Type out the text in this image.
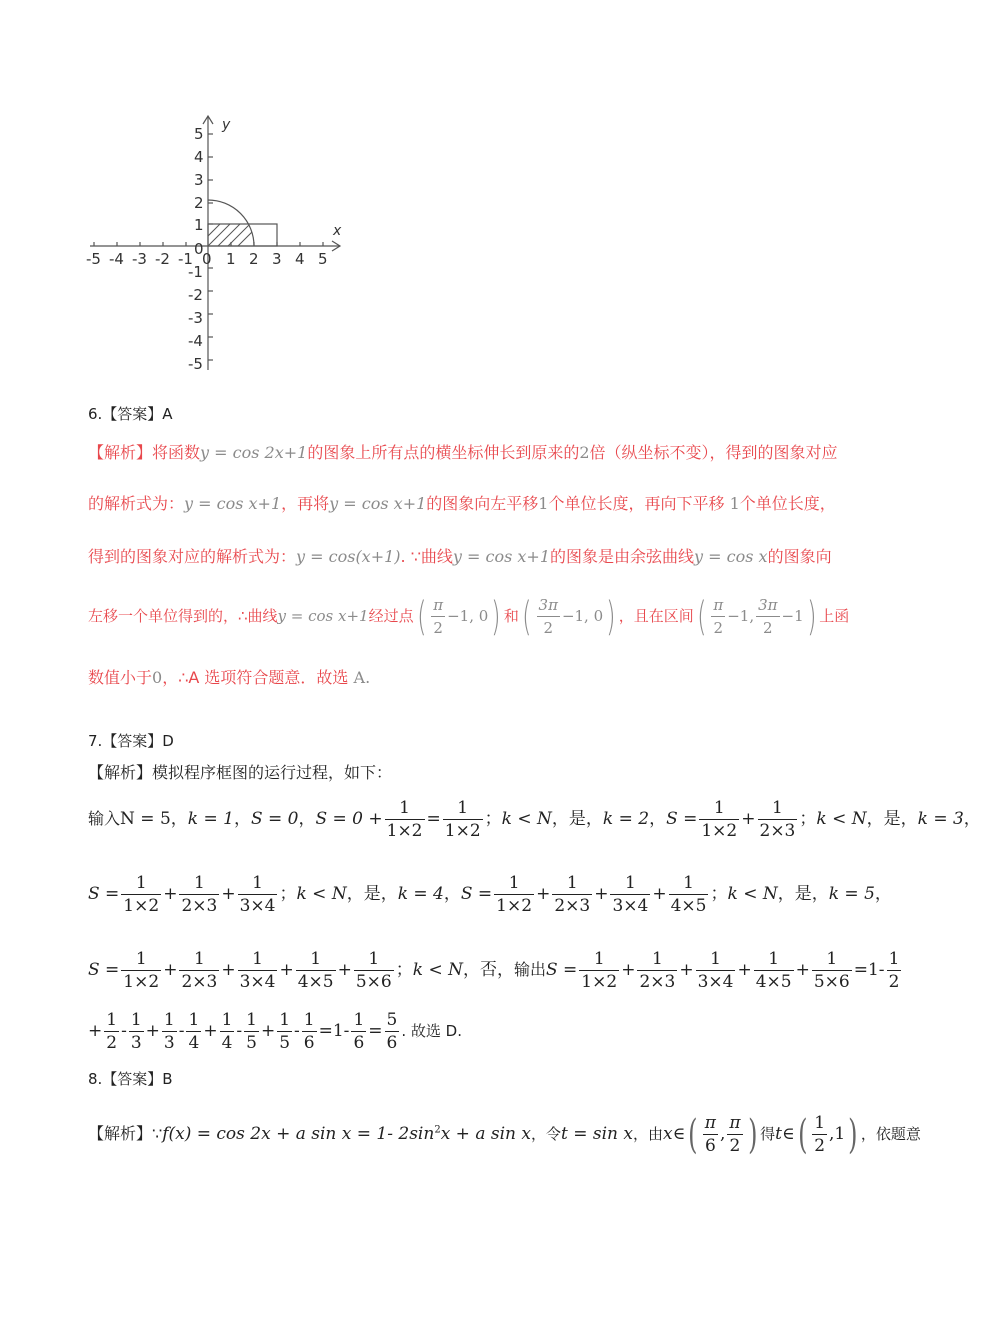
y
x
-5 -4 -3 -2 -1 0 1 2 3 4 5
5
4
3
2
1
0
-1
-2
-3
-4
-5
6.【答案】A
【解析】将函数y = cos 2x+1的图象上所有点的横坐标伸长到原来的2倍（纵坐标不变），得到的图象对应
的解析式为：y = cos x+1，再将y = cos x+1的图象向左平移1个单位长度，再向下平移 1个单位长度，
得到的图象对应的解析式为：y = cos(x+1). ∵曲线y = cos x+1的图象是由余弦曲线y = cos x的图象向
左移一个单位得到的，∴曲线y = cos x+1经过点( $\frac{\pi}{2} -1$, 0) 和( $\frac{3\pi}{2} -1$, 0) ，且在区间( $\frac{\pi}{2} -1$, $\frac{3\pi}{2} -1$) 上函
数值小于0，∴A 选项符合题意．故选 A.
7.【答案】D
【解析】模拟程序框图的运行过程，如下：
输入N = 5，k = 1，S = 0，$S = 0 + \frac{1}{1\times 2} = \frac{1}{1\times 2}$ ；k < N，是，k = 2，$S = \frac{1}{1\times 2} + \frac{1}{2\times 3}$ ；k < N，是，k = 3，
$S = \frac{1}{1\times 2} + \frac{1}{2\times 3} + \frac{1}{3\times 4}$ ；k < N，是，k = 4，$S = \frac{1}{1\times 2} + \frac{1}{2\times 3} + \frac{1}{3\times 4} + \frac{1}{4\times 5}$ ；k < N，是，k = 5，
$S = \frac{1}{1\times 2} + \frac{1}{2\times 3} + \frac{1}{3\times 4} + \frac{1}{4\times 5} + \frac{1}{5\times 6}$ ；k < N，否，输出$S = \frac{1}{1\times 2} + \frac{1}{2\times 3} + \frac{1}{3\times 4} + \frac{1}{4\times 5} + \frac{1}{5\times 6} =1- \frac{1}{2}$
+ $\frac{1}{2} - \frac{1}{3} + \frac{1}{3} - \frac{1}{4} + \frac{1}{4} - \frac{1}{5} + \frac{1}{5} - \frac{1}{6} =1- \frac{1}{6} = \frac{5}{6}$ . 故选 D.
8.【答案】B
【解析】∵f(x) = cos 2x + a sin x = 1- $2\sin^2x + a$ sin x，令t = sin x，由x∈( $\frac{\pi}{6}$ , $\frac{\pi}{2}$ ) 得t∈( $\frac{1}{2} ,1$) ，依题意
